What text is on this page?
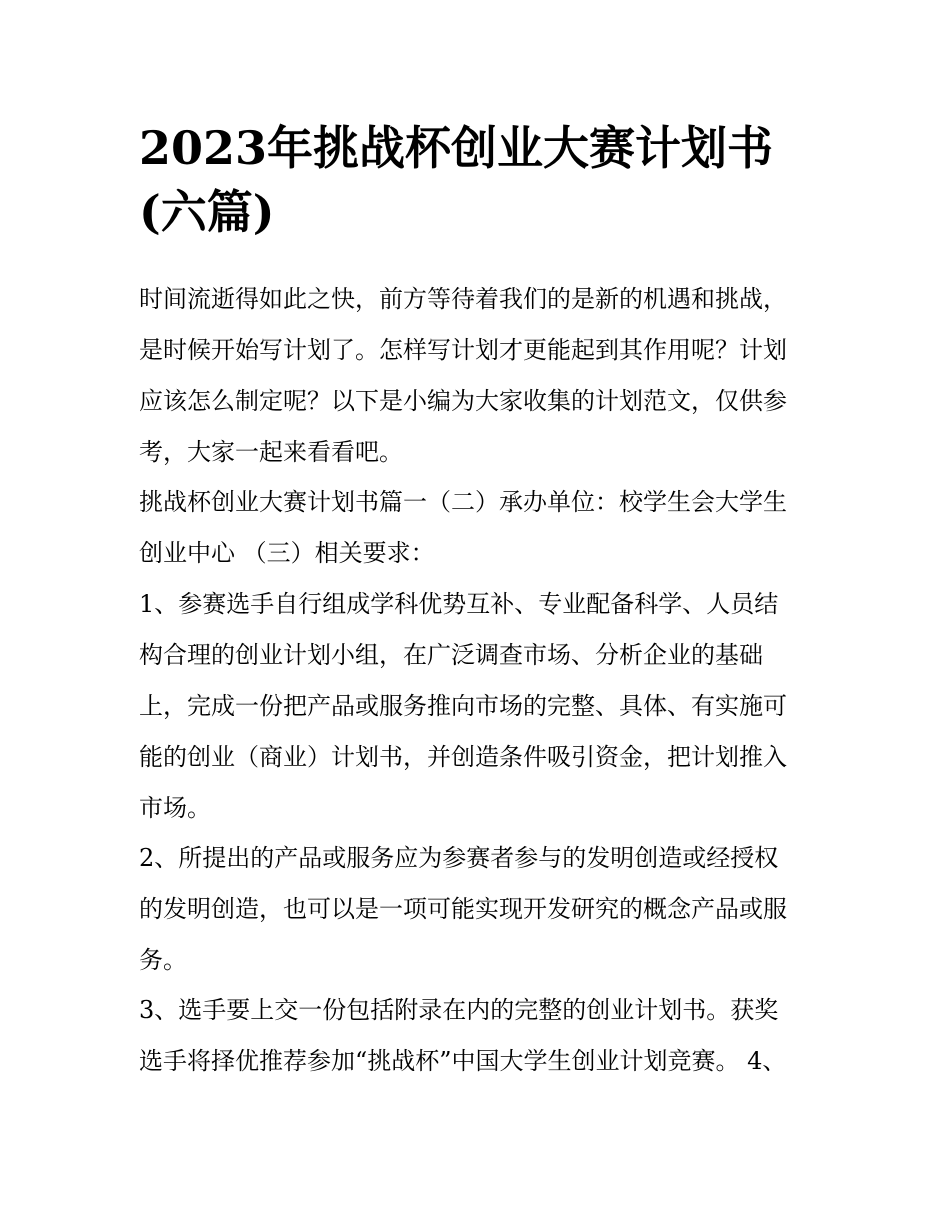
2023年挑战杯创业大赛计划书
(六篇)

时间流逝得如此之快，前方等待着我们的是新的机遇和挑战，
是时候开始写计划了。怎样写计划才更能起到其作用呢？计划
应该怎么制定呢？以下是小编为大家收集的计划范文，仅供参
考，大家一起来看看吧。

挑战杯创业大赛计划书篇一（二）承办单位：校学生会大学生
创业中心 （三）相关要求：

1、参赛选手自行组成学科优势互补、专业配备科学、人员结
构合理的创业计划小组，在广泛调查市场、分析企业的基础
上，完成一份把产品或服务推向市场的完整、具体、有实施可
能的创业（商业）计划书，并创造条件吸引资金，把计划推入
市场。

2、所提出的产品或服务应为参赛者参与的发明创造或经授权
的发明创造，也可以是一项可能实现开发研究的概念产品或服
务。

3、选手要上交一份包括附录在内的完整的创业计划书。获奖
选手将择优推荐参加“挑战杯”中国大学生创业计划竞赛。 4、
